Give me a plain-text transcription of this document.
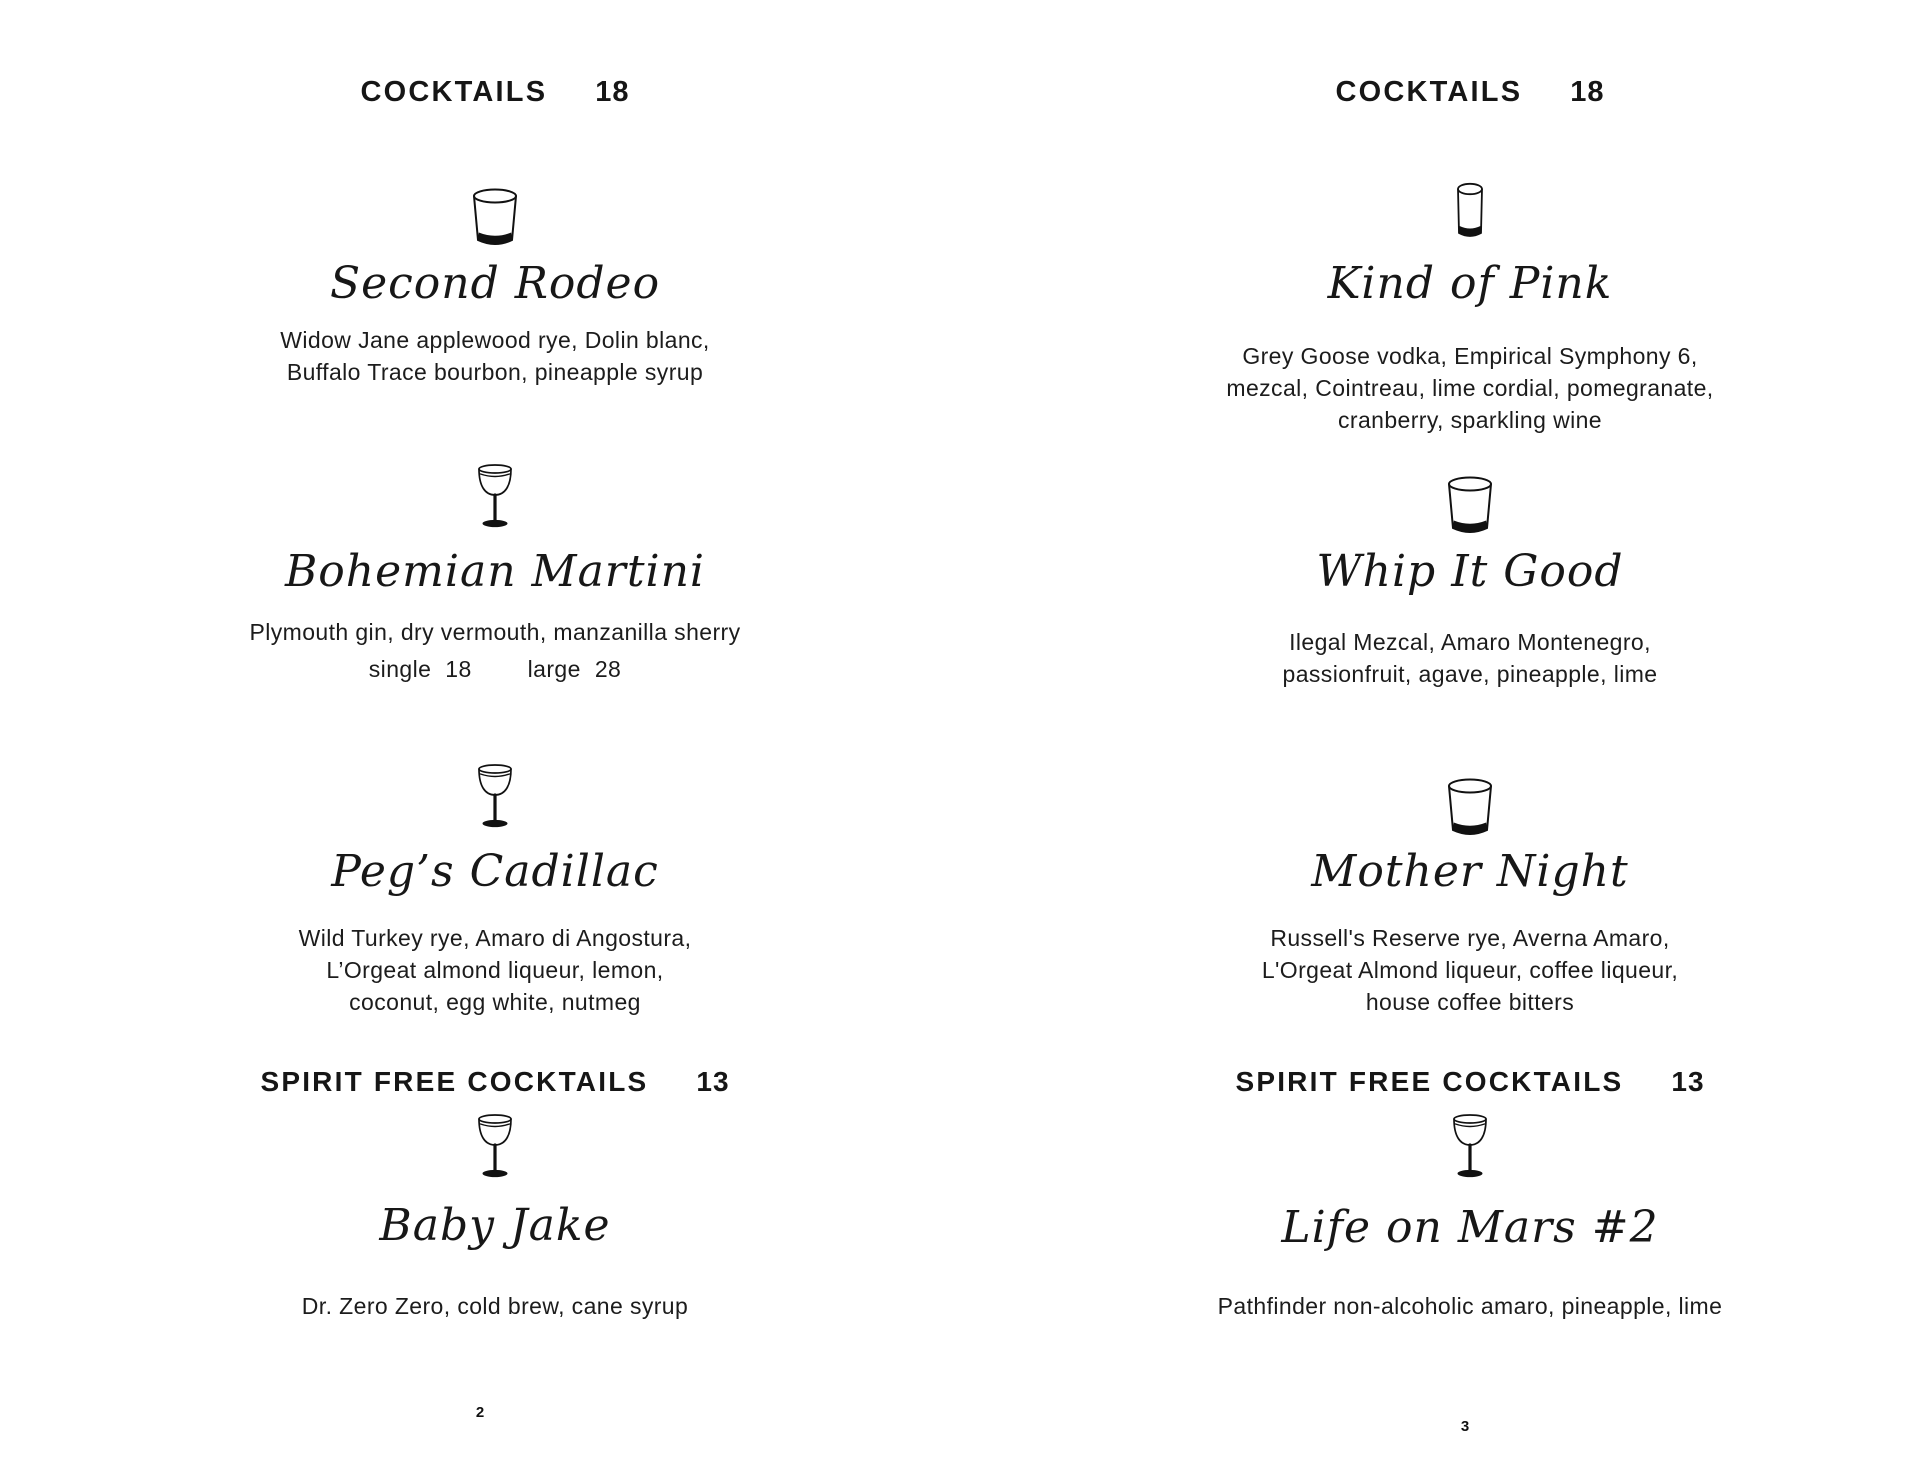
COCKTAILS 18
Second Rodeo
Widow Jane applewood rye, Dolin blanc,
Buffalo Trace bourbon, pineapple syrup
Bohemian Martini
Plymouth gin, dry vermouth, manzanilla sherry
single 18 large 28
Peg’s Cadillac
Wild Turkey rye, Amaro di Angostura,
L’Orgeat almond liqueur, lemon,
coconut, egg white, nutmeg
SPIRIT FREE COCKTAILS 13
Baby Jake
Dr. Zero Zero, cold brew, cane syrup
2
COCKTAILS 18
Kind of Pink
Grey Goose vodka, Empirical Symphony 6,
mezcal, Cointreau, lime cordial, pomegranate,
cranberry, sparkling wine
Whip It Good
Ilegal Mezcal, Amaro Montenegro,
passionfruit, agave, pineapple, lime
Mother Night
Russell's Reserve rye, Averna Amaro,
L'Orgeat Almond liqueur, coffee liqueur,
house coffee bitters
SPIRIT FREE COCKTAILS 13
Life on Mars #2
Pathfinder non-alcoholic amaro, pineapple, lime
3
